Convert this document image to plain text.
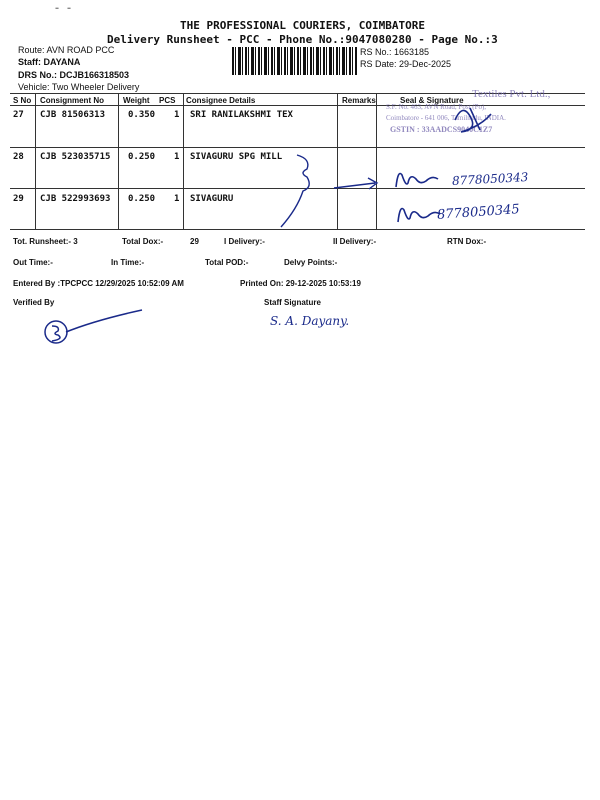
- -
THE PROFESSIONAL COURIERS, COIMBATORE
Delivery Runsheet - PCC - Phone No.:9047080280 - Page No.:3
Route: AVN ROAD PCC
Staff: DAYANA
DRS No.: DCJB166318503
Vehicle: Two Wheeler Delivery
RS No.: 1663185
RS Date: 29-Dec-2025
S No Consignment No Weight PCS Consignee Details	Remarks	Seal & Signature
27 CJB 81506313	0.350 1 SRI RANILAKSHMI TEX
28 CJB 523035715 0.250 1 SIVAGURU SPG MILL
29 CJB 522993693 0.250 1 SIVAGURU
Textiles Pvt. Ltd.,
S.F. No. 463, AVN Road, Post (Po),
Coimbatore - 641 006, Tamilnadu, INDIA.
GSTIN : 33AADCS9040C1Z7
8778050343
8778050345
Tot. Runsheet:- 3	Total Dox:-	29	I Delivery:-	II Delivery:-	RTN Dox:-
Out Time:-	In Time:-	Total POD:-	Delvy Points:-
Entered By :TPCPCC 12/29/2025 10:52:09 AM	Printed On: 29-12-2025 10:53:19
Verified By	Staff Signature
S. A. Dayany.
